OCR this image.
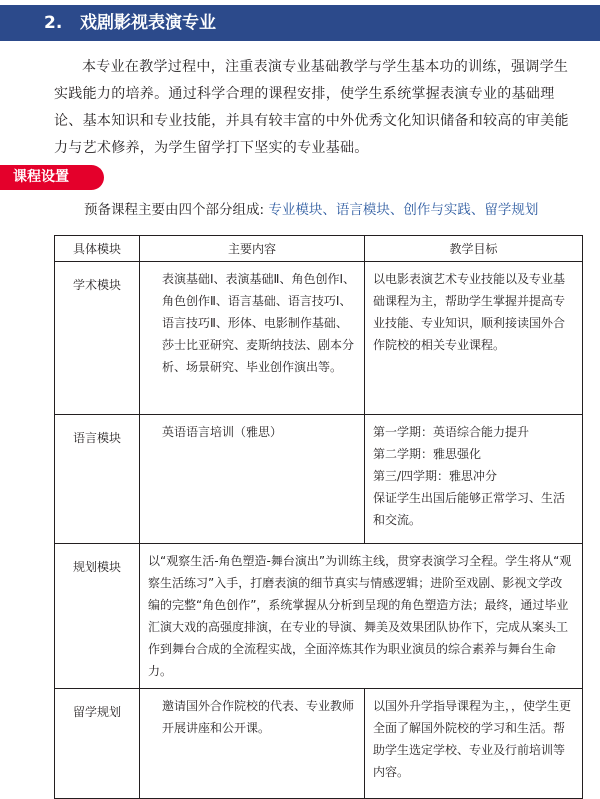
2. 戏剧影视表演专业

本专业在教学过程中，注重表演专业基础教学与学生基本功的训练，强调学生实践能力的培养。通过科学合理的课程安排，使学生系统掌握表演专业的基础理论、基本知识和专业技能，并具有较丰富的中外优秀文化知识储备和较高的审美能力与艺术修养，为学生留学打下坚实的专业基础。

课程设置
预备课程主要由四个部分组成: 专业模块、语言模块、创作与实践、留学规划
具体模块	主要内容	教学目标
学术模块	表演基础Ⅰ、表演基础Ⅱ、角色创作Ⅰ、角色创作Ⅱ、语言基础、语言技巧Ⅰ、语言技巧Ⅱ、形体、电影制作基础、莎士比亚研究、麦斯纳技法、剧本分析、场景研究、毕业创作演出等。	以电影表演艺术专业技能以及专业基础课程为主，帮助学生掌握并提高专业技能、专业知识，顺利接读国外合作院校的相关专业课程。

语言模块	英语语言培训（雅思）	第一学期：英语综合能力提升
第二学期：雅思强化
第三/四学期：雅思冲分
保证学生出国后能够正常学习、生活和交流。

规划模块	以“观察生活-角色塑造-舞台演出”为训练主线，贯穿表演学习全程。学生将从“观察生活练习”入手，打磨表演的细节真实与情感逻辑；进阶至戏剧、影视文学改编的完整“角色创作”，系统掌握从分析到呈现的角色塑造方法；最终，通过毕业汇演大戏的高强度排演，在专业的导演、舞美及效果团队协作下，完成从案头工作到舞台合成的全流程实战，全面淬炼其作为职业演员的综合素养与舞台生命力。	

留学规划	邀请国外合作院校的代表、专业教师开展讲座和公开课。	以国外升学指导课程为主，，使学生更全面了解国外院校的学习和生活。帮助学生选定学校、专业及行前培训等内容。
